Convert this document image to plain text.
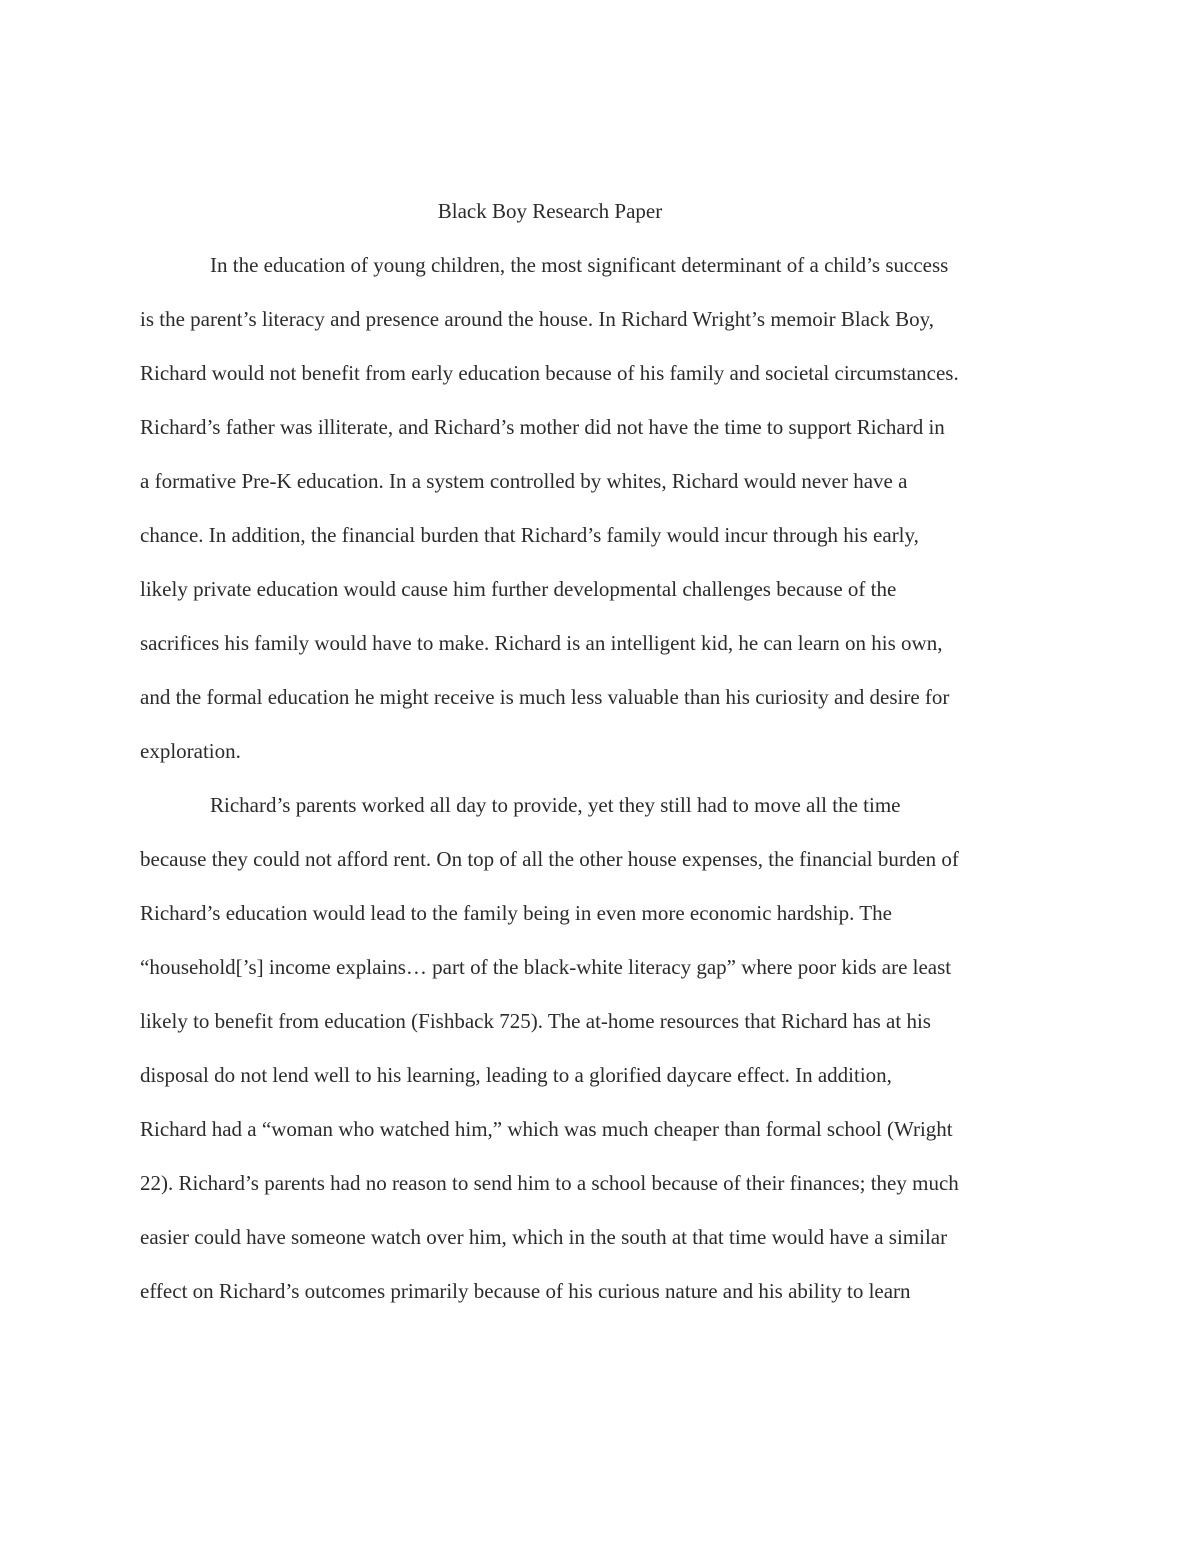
Black Boy Research Paper

In the education of young children, the most significant determinant of a child’s success

is the parent’s literacy and presence around the house. In Richard Wright’s memoir Black Boy,

Richard would not benefit from early education because of his family and societal circumstances.

Richard’s father was illiterate, and Richard’s mother did not have the time to support Richard in

a formative Pre-K education. In a system controlled by whites, Richard would never have a

chance. In addition, the financial burden that Richard’s family would incur through his early,

likely private education would cause him further developmental challenges because of the

sacrifices his family would have to make. Richard is an intelligent kid, he can learn on his own,

and the formal education he might receive is much less valuable than his curiosity and desire for

exploration.

Richard’s parents worked all day to provide, yet they still had to move all the time

because they could not afford rent. On top of all the other house expenses, the financial burden of

Richard’s education would lead to the family being in even more economic hardship. The

“household[’s] income explains… part of the black-white literacy gap” where poor kids are least

likely to benefit from education (Fishback 725). The at-home resources that Richard has at his

disposal do not lend well to his learning, leading to a glorified daycare effect. In addition,

Richard had a “woman who watched him,” which was much cheaper than formal school (Wright

22). Richard’s parents had no reason to send him to a school because of their finances; they much

easier could have someone watch over him, which in the south at that time would have a similar

effect on Richard’s outcomes primarily because of his curious nature and his ability to learn
